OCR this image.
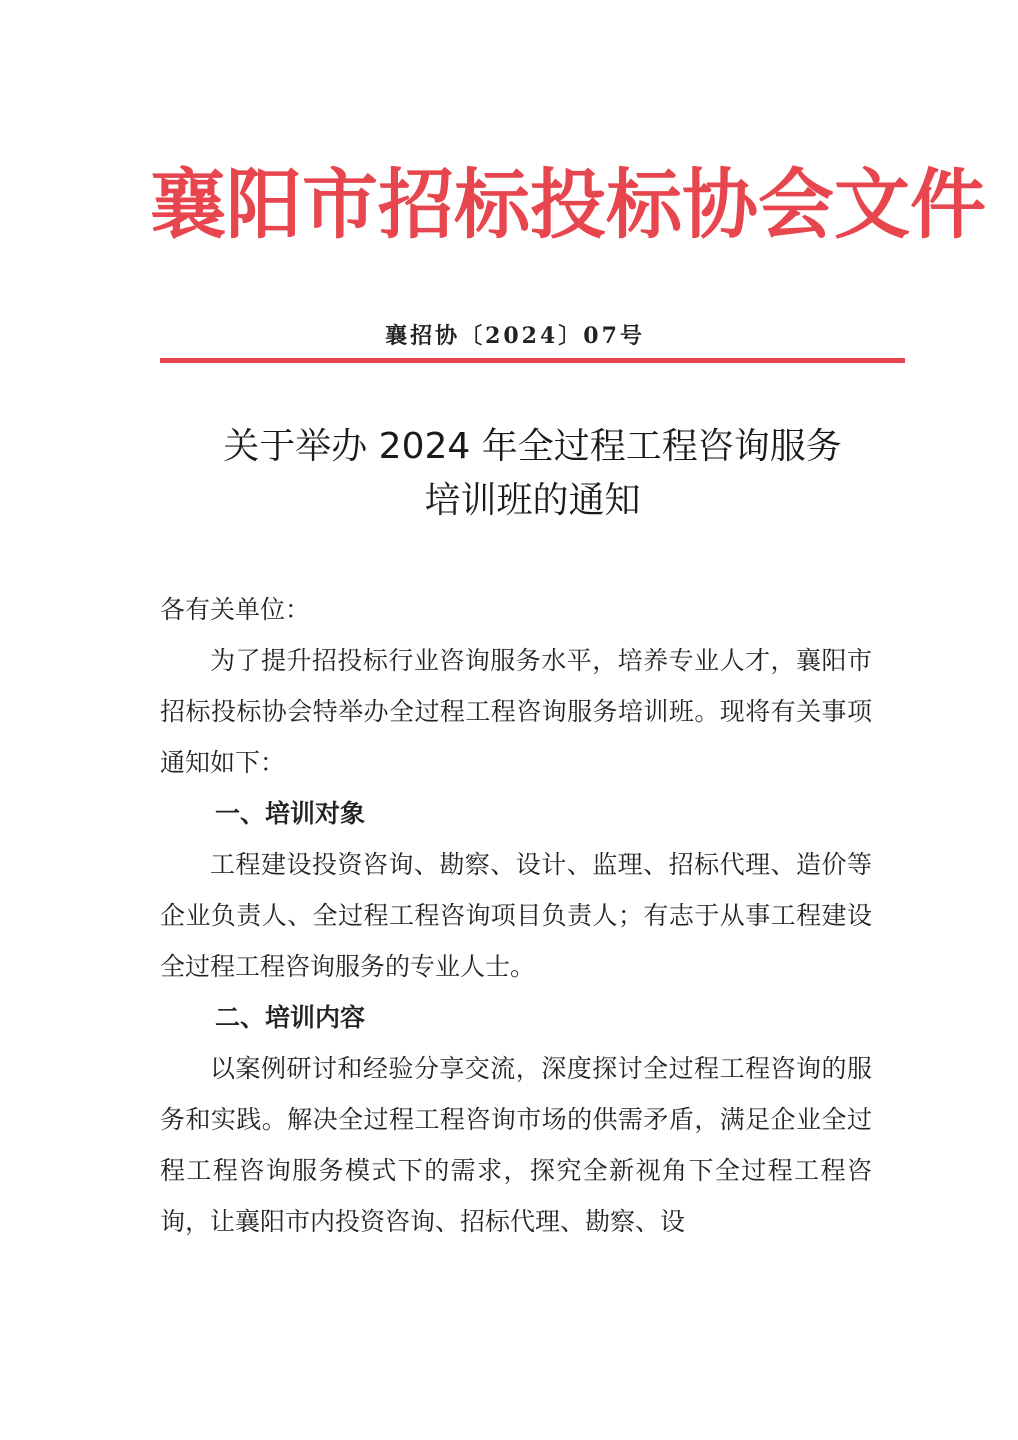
襄阳市招标投标协会文件
襄招协〔2024〕07号
关于举办 2024 年全过程工程咨询服务
培训班的通知

各有关单位：

为了提升招投标行业咨询服务水平，培养专业人才，襄阳市招标投标协会特举办全过程工程咨询服务培训班。现将有关事项通知如下：

一、培训对象

工程建设投资咨询、勘察、设计、监理、招标代理、造价等企业负责人、全过程工程咨询项目负责人；有志于从事工程建设全过程工程咨询服务的专业人士。

二、培训内容

以案例研讨和经验分享交流，深度探讨全过程工程咨询的服务和实践。解决全过程工程咨询市场的供需矛盾，满足企业全过程工程咨询服务模式下的需求，探究全新视角下全过程工程咨询，让襄阳市内投资咨询、招标代理、勘察、设
